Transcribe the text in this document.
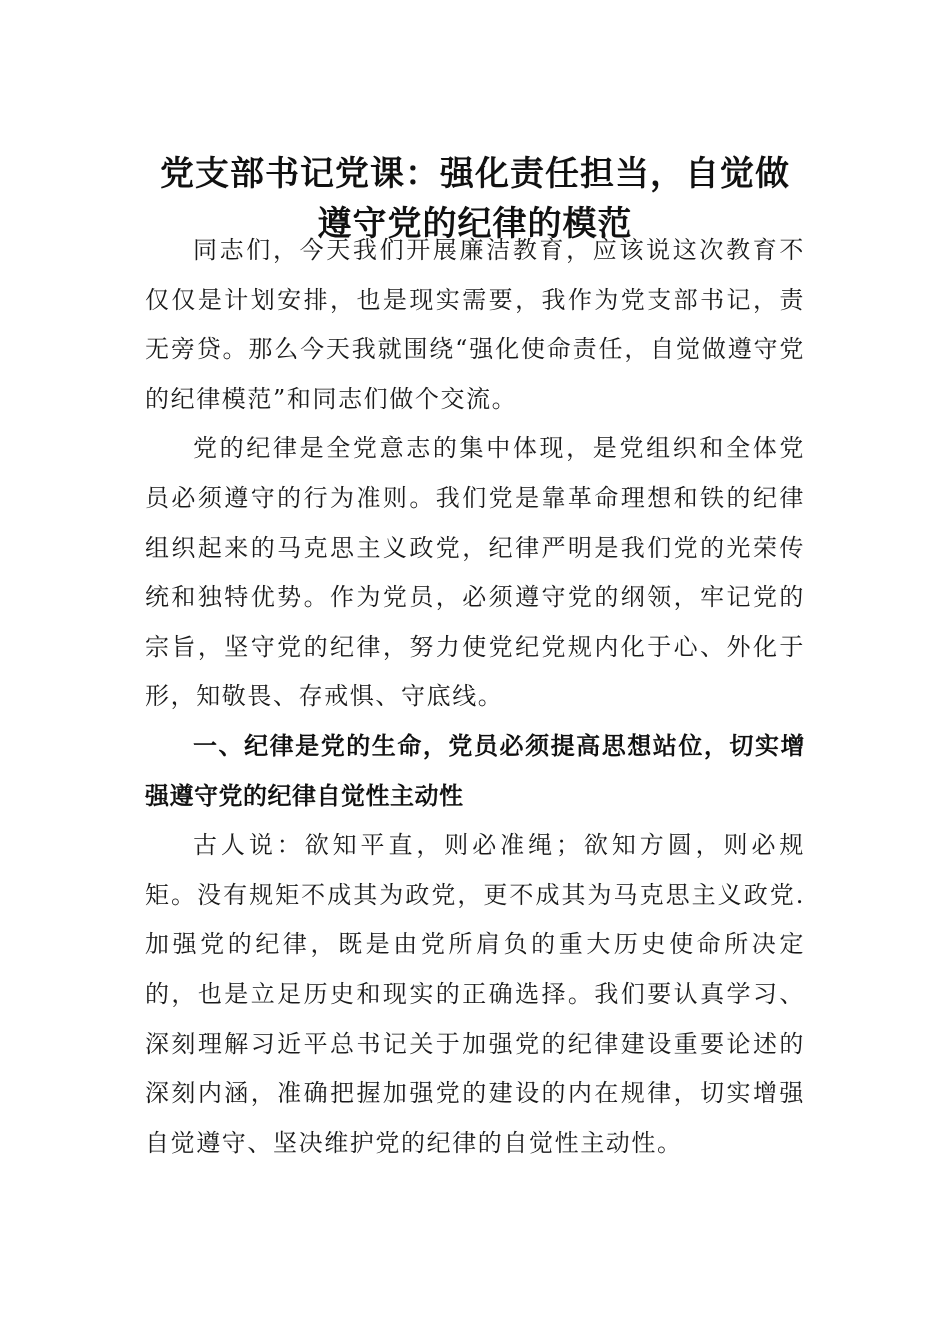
党支部书记党课：强化责任担当，自觉做
遵守党的纪律的模范

同志们，今天我们开展廉洁教育，应该说这次教育不仅仅是计划安排，也是现实需要，我作为党支部书记，责无旁贷。那么今天我就围绕“强化使命责任，自觉做遵守党的纪律模范”和同志们做个交流。

党的纪律是全党意志的集中体现，是党组织和全体党员必须遵守的行为准则。我们党是靠革命理想和铁的纪律组织起来的马克思主义政党，纪律严明是我们党的光荣传统和独特优势。作为党员，必须遵守党的纲领，牢记党的宗旨，坚守党的纪律，努力使党纪党规内化于心、外化于形，知敬畏、存戒惧、守底线。

一、纪律是党的生命，党员必须提高思想站位，切实增强遵守党的纪律自觉性主动性

古人说：欲知平直，则必准绳；欲知方圆，则必规矩。没有规矩不成其为政党，更不成其为马克思主义政党.加强党的纪律，既是由党所肩负的重大历史使命所决定的，也是立足历史和现实的正确选择。我们要认真学习、深刻理解习近平总书记关于加强党的纪律建设重要论述的深刻内涵，准确把握加强党的建设的内在规律，切实增强自觉遵守、坚决维护党的纪律的自觉性主动性。
